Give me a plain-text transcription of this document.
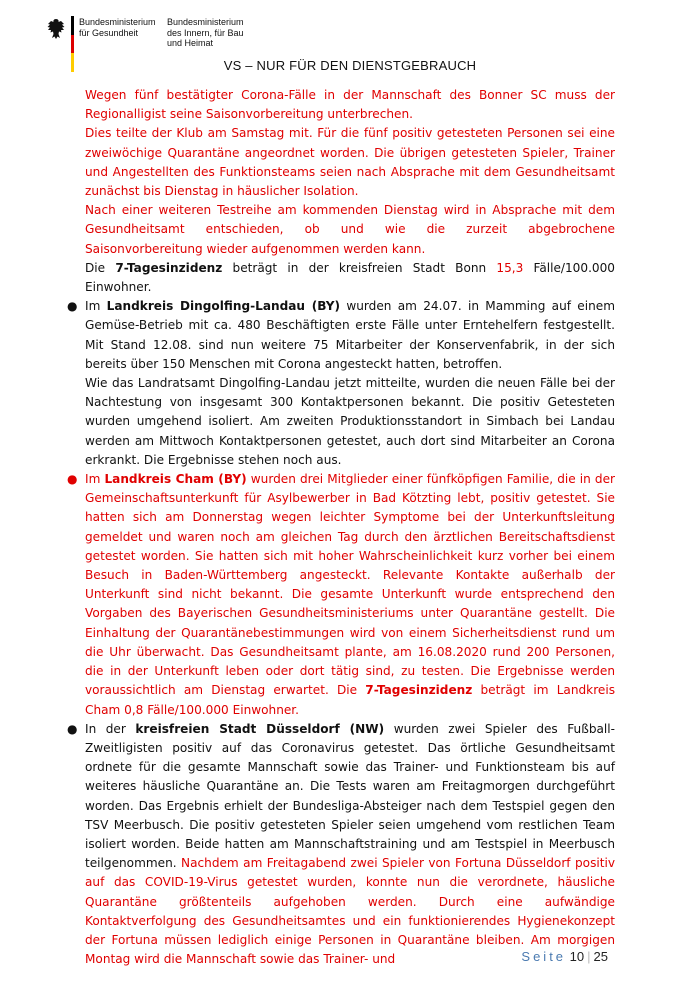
Bundesministerium
für Gesundheit
Bundesministerium
des Innern, für Bau
und Heimat
VS – NUR FÜR DEN DIENSTGEBRAUCH

Wegen fünf bestätigter Corona-Fälle in der Mannschaft des Bonner SC muss der Regionalligist seine Saisonvorbereitung unterbrechen.

Dies teilte der Klub am Samstag mit. Für die fünf positiv getesteten Personen sei eine zweiwöchige Quarantäne angeordnet worden. Die übrigen getesteten Spieler, Trainer und Angestellten des Funktionsteams seien nach Absprache mit dem Gesundheitsamt zunächst bis Dienstag in häuslicher Isolation.

Nach einer weiteren Testreihe am kommenden Dienstag wird in Absprache mit dem Gesundheitsamt entschieden, ob und wie die zurzeit abgebrochene Saisonvorbereitung wieder aufgenommen werden kann.

Die 7-Tagesinzidenz beträgt in der kreisfreien Stadt Bonn 15,3 Fälle/100.000 Einwohner.

● Im Landkreis Dingolfing-Landau (BY) wurden am 24.07. in Mamming auf einem Gemüse-Betrieb mit ca. 480 Beschäftigten erste Fälle unter Erntehelfern festgestellt. Mit Stand 12.08. sind nun weitere 75 Mitarbeiter der Konservenfabrik, in der sich bereits über 150 Menschen mit Corona angesteckt hatten, betroffen.

Wie das Landratsamt Dingolfing-Landau jetzt mitteilte, wurden die neuen Fälle bei der Nachtestung von insgesamt 300 Kontaktpersonen bekannt. Die positiv Getesteten wurden umgehend isoliert. Am zweiten Produktionsstandort in Simbach bei Landau werden am Mittwoch Kontaktpersonen getestet, auch dort sind Mitarbeiter an Corona erkrankt. Die Ergebnisse stehen noch aus.

● Im Landkreis Cham (BY) wurden drei Mitglieder einer fünfköpfigen Familie, die in der Gemeinschaftsunterkunft für Asylbewerber in Bad Kötzting lebt, positiv getestet. Sie hatten sich am Donnerstag wegen leichter Symptome bei der Unterkunftsleitung gemeldet und waren noch am gleichen Tag durch den ärztlichen Bereitschaftsdienst getestet worden. Sie hatten sich mit hoher Wahrscheinlichkeit kurz vorher bei einem Besuch in Baden-Württemberg angesteckt. Relevante Kontakte außerhalb der Unterkunft sind nicht bekannt. Die gesamte Unterkunft wurde entsprechend den Vorgaben des Bayerischen Gesundheitsministeriums unter Quarantäne gestellt. Die Einhaltung der Quarantänebestimmungen wird von einem Sicherheitsdienst rund um die Uhr überwacht. Das Gesundheitsamt plante, am 16.08.2020 rund 200 Personen, die in der Unterkunft leben oder dort tätig sind, zu testen. Die Ergebnisse werden voraussichtlich am Dienstag erwartet. Die 7-Tagesinzidenz beträgt im Landkreis Cham 0,8 Fälle/100.000 Einwohner.

● In der kreisfreien Stadt Düsseldorf (NW) wurden zwei Spieler des Fußball-Zweitligisten positiv auf das Coronavirus getestet. Das örtliche Gesundheitsamt ordnete für die gesamte Mannschaft sowie das Trainer- und Funktionsteam bis auf weiteres häusliche Quarantäne an. Die Tests waren am Freitagmorgen durchgeführt worden. Das Ergebnis erhielt der Bundesliga-Absteiger nach dem Testspiel gegen den TSV Meerbusch. Die positiv getesteten Spieler seien umgehend vom restlichen Team isoliert worden. Beide hatten am Mannschaftstraining und am Testspiel in Meerbusch teilgenommen. Nachdem am Freitagabend zwei Spieler von Fortuna Düsseldorf positiv auf das COVID-19-Virus getestet wurden, konnte nun die verordnete, häusliche Quarantäne größtenteils aufgehoben werden. Durch eine aufwändige Kontaktverfolgung des Gesundheitsamtes und ein funktionierendes Hygienekonzept der Fortuna müssen lediglich einige Personen in Quarantäne bleiben. Am morgigen Montag wird die Mannschaft sowie das Trainer- und	Seite 10 | 25
